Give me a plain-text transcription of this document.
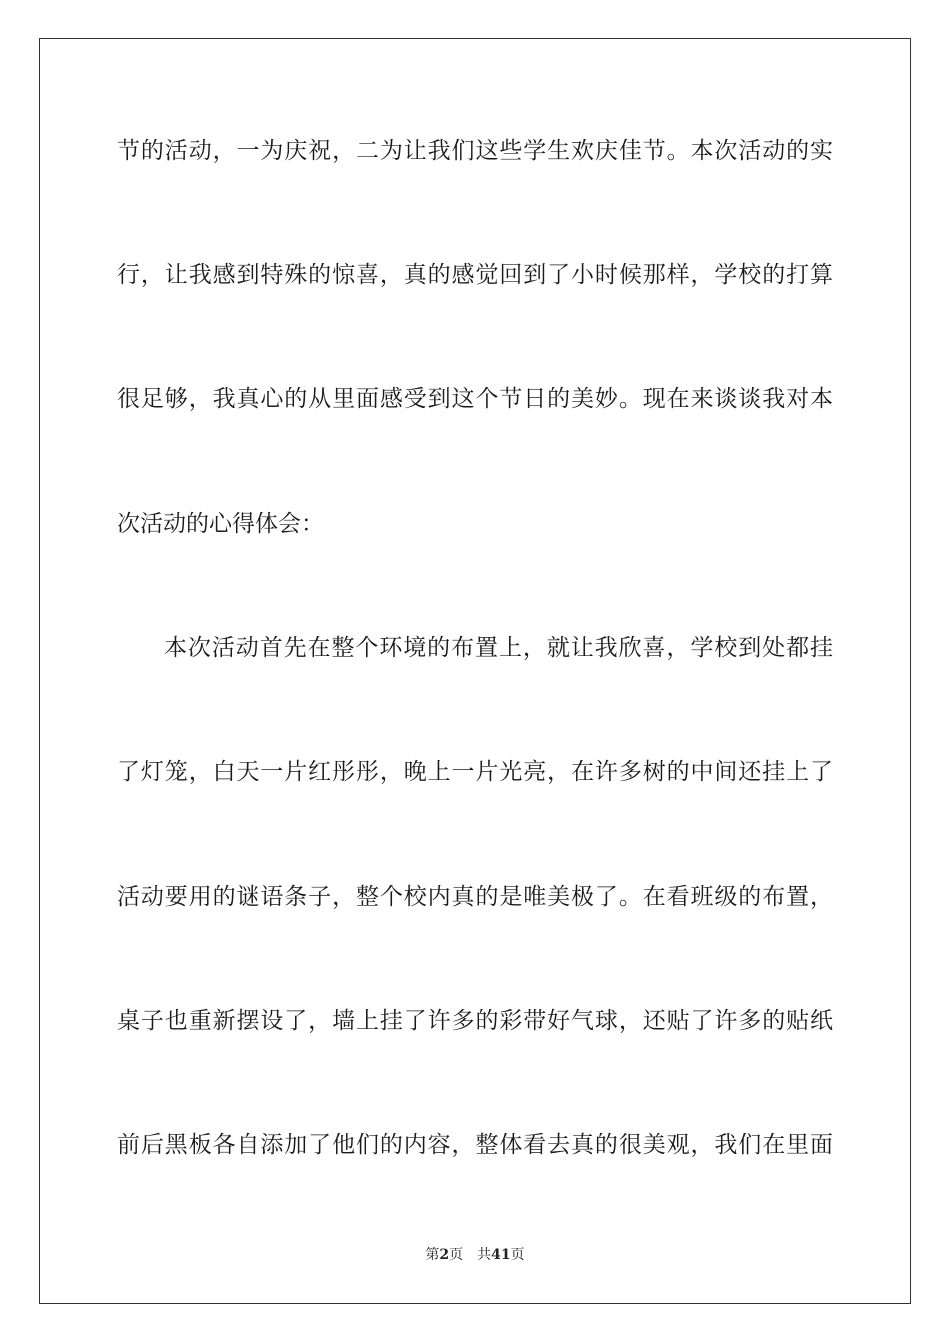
节的活动，一为庆祝，二为让我们这些学生欢庆佳节。本次活动的实
行，让我感到特殊的惊喜，真的感觉回到了小时候那样，学校的打算
很足够，我真心的从里面感受到这个节日的美妙。现在来谈谈我对本
次活动的心得体会：
本次活动首先在整个环境的布置上，就让我欣喜，学校到处都挂
了灯笼，白天一片红彤彤，晚上一片光亮，在许多树的中间还挂上了
活动要用的谜语条子，整个校内真的是唯美极了。在看班级的布置，
桌子也重新摆设了，墙上挂了许多的彩带好气球，还贴了许多的贴纸
前后黑板各自添加了他们的内容，整体看去真的很美观，我们在里面
第2页 共41页
